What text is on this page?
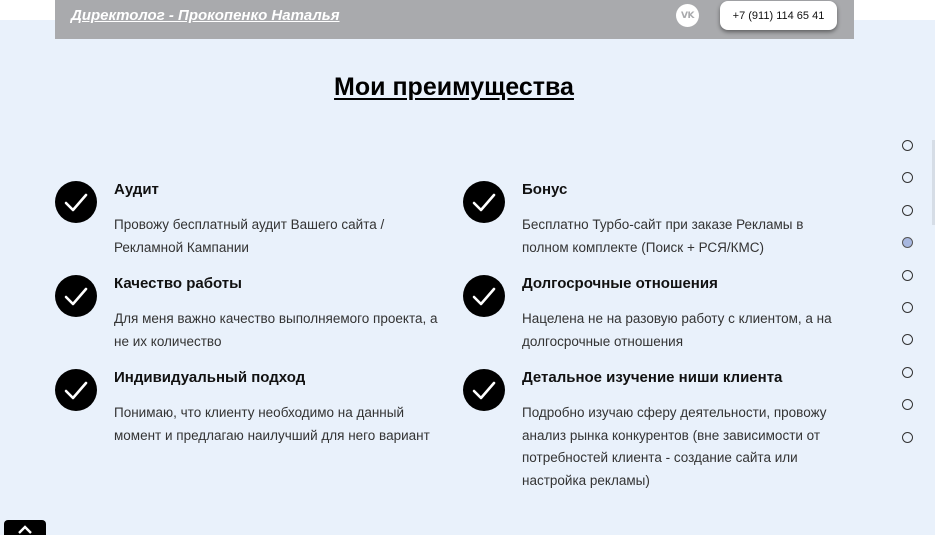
Директолог - Прокопенко Наталья	VK	+7 (911) 114 65 41
Мои преимущества
Аудит
Провожу бесплатный аудит Вашего сайта / Рекламной Кампании
Бонус
Бесплатно Турбо-сайт при заказе Рекламы в полном комплекте (Поиск + РСЯ/КМС)
Качество работы
Для меня важно качество выполняемого проекта, а не их количество
Долгосрочные отношения
Нацелена не на разовую работу с клиентом, а на долгосрочные отношения
Индивидуальный подход
Понимаю, что клиенту необходимо на данный момент и предлагаю наилучший для него вариант
Детальное изучение ниши клиента
Подробно изучаю сферу деятельности, провожу анализ рынка конкурентов (вне зависимости от потребностей клиента - создание сайта или настройка рекламы)
